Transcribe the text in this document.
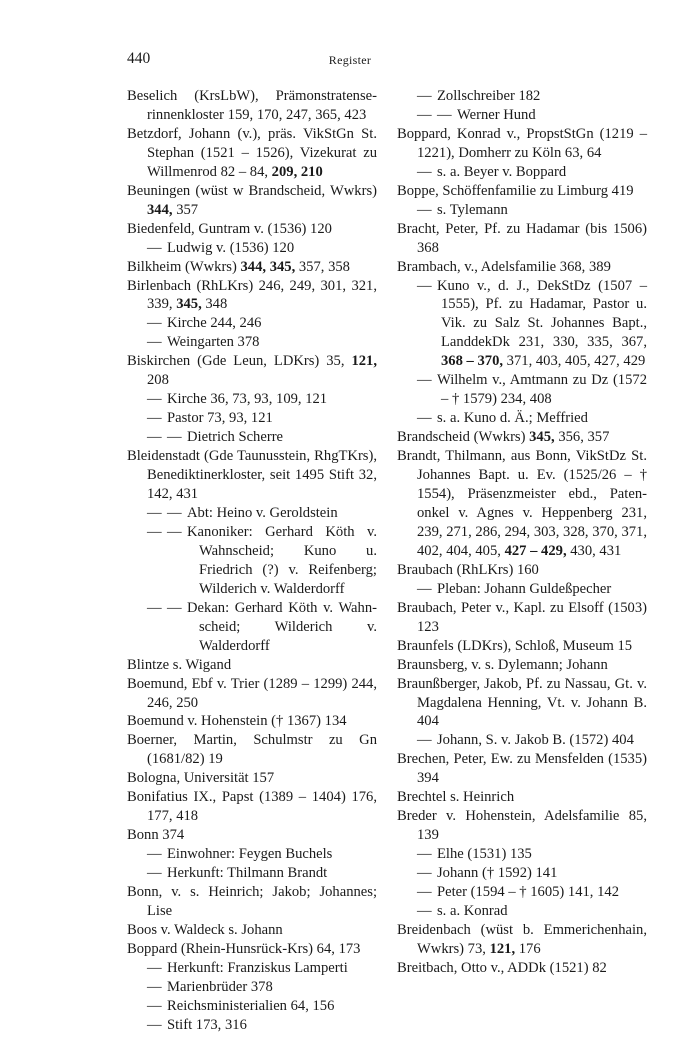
440	Register
Beselich (KrsLbW), Prämonstratenserinnenkloster 159, 170, 247, 365, 423
Betzdorf, Johann (v.), präs. VikStGn St. Stephan (1521 – 1526), Vizekurat zu Willmenrod 82 – 84, 209, 210
Beuningen (wüst w Brandscheid, Wwkrs) 344, 357
Biedenfeld, Guntram v. (1536) 120
— Ludwig v. (1536) 120
Bilkheim (Wwkrs) 344, 345, 357, 358
Birlenbach (RhLKrs) 246, 249, 301, 321, 339, 345, 348
— Kirche 244, 246
— Weingarten 378
Biskirchen (Gde Leun, LDKrs) 35, 121, 208
— Kirche 36, 73, 93, 109, 121
— Pastor 73, 93, 121
— — Dietrich Scherre
Bleidenstadt (Gde Taunusstein, RhgTKrs), Benediktinerkloster, seit 1495 Stift 32, 142, 431
— — Abt: Heino v. Geroldstein
— — Kanoniker: Gerhard Köth v. Wahnscheid; Kuno u. Friedrich (?) v. Reifenberg; Wilderich v. Walderdorff
— — Dekan: Gerhard Köth v. Wahnscheid; Wilderich v. Walderdorff
Blintze s. Wigand
Boemund, Ebf v. Trier (1289 – 1299) 244, 246, 250
Boemund v. Hohenstein († 1367) 134
Boerner, Martin, Schulmstr zu Gn (1681/82) 19
Bologna, Universität 157
Bonifatius IX., Papst (1389 – 1404) 176, 177, 418
Bonn 374
— Einwohner: Feygen Buchels
— Herkunft: Thilmann Brandt
Bonn, v. s. Heinrich; Jakob; Johannes; Lise
Boos v. Waldeck s. Johann
Boppard (Rhein-Hunsrück-Krs) 64, 173
— Herkunft: Franziskus Lamperti
— Marienbrüder 378
— Reichsministerialien 64, 156
— Stift 173, 316
— Zollschreiber 182
— — Werner Hund
Boppard, Konrad v., PropstStGn (1219 – 1221), Domherr zu Köln 63, 64
— s. a. Beyer v. Boppard
Boppe, Schöffenfamilie zu Limburg 419
— s. Tylemann
Bracht, Peter, Pf. zu Hadamar (bis 1506) 368
Brambach, v., Adelsfamilie 368, 389
— Kuno v., d. J., DekStDz (1507 – 1555), Pf. zu Hadamar, Pastor u. Vik. zu Salz St. Johannes Bapt., LanddekDk 231, 330, 335, 367, 368 – 370, 371, 403, 405, 427, 429
— Wilhelm v., Amtmann zu Dz (1572 – † 1579) 234, 408
— s. a. Kuno d. Ä.; Meffried
Brandscheid (Wwkrs) 345, 356, 357
Brandt, Thilmann, aus Bonn, VikStDz St. Johannes Bapt. u. Ev. (1525/26 – † 1554), Präsenzmeister ebd., Patenonkel v. Agnes v. Heppenberg 231, 239, 271, 286, 294, 303, 328, 370, 371, 402, 404, 405, 427 – 429, 430, 431
Braubach (RhLKrs) 160
— Pleban: Johann Guldeßpecher
Braubach, Peter v., Kapl. zu Elsoff (1503) 123
Braunfels (LDKrs), Schloß, Museum 15
Braunsberg, v. s. Dylemann; Johann
Braunßberger, Jakob, Pf. zu Nassau, Gt. v. Magdalena Henning, Vt. v. Johann B. 404
— Johann, S. v. Jakob B. (1572) 404
Brechen, Peter, Ew. zu Mensfelden (1535) 394
Brechtel s. Heinrich
Breder v. Hohenstein, Adelsfamilie 85, 139
— Elhe (1531) 135
— Johann († 1592) 141
— Peter (1594 – † 1605) 141, 142
— s. a. Konrad
Breidenbach (wüst b. Emmerichenhain, Wwkrs) 73, 121, 176
Breitbach, Otto v., ADDk (1521) 82
